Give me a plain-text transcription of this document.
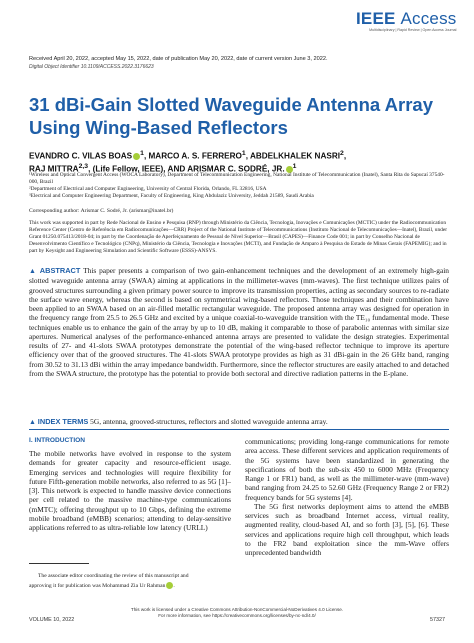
IEEE Access
Multidisciplinary | Rapid Review | Open Access Journal
Received April 20, 2022, accepted May 15, 2022, date of publication May 20, 2022, date of current version June 3, 2022.
Digital Object Identifier 10.1109/ACCESS.2022.3176623
31 dBi-Gain Slotted Waveguide Antenna Array
Using Wing-Based Reflectors
EVANDRO C. VILAS BOAS $^1$, MARCO A. S. FERRERO$^1$, ABDELKHALEK NASRI$^2$,
RAJ MITTRA$^{2,3}$, (Life Fellow, IEEE), AND ARISMAR C. SODRÉ, JR. $^1$
¹Wireless and Optical Convergent Access (WOCA Laboratory), Department of Telecommunication Engineering, National Institute of Telecommunication (Inatel), Santa Rita do Sapucaí 37540-000, Brazil
²Department of Electrical and Computer Engineering, University of Central Florida, Orlando, FL 32816, USA
³Electrical and Computer Engineering Department, Faculty of Engineering, King Abdulaziz University, Jeddah 21589, Saudi Arabia
Corresponding author: Arismar C. Sodré, Jr. (arismar@inatel.br)
This work was supported in part by Rede Nacional de Ensino e Pesquisa (RNP) through Ministério da Ciência, Tecnologia, Inovações e Comunicações (MCTIC) under the Radiocommunication Reference Center (Centro de Referência em Radiocomunicações—CRR) Project of the National Institute of Telecommunications (Instituto Nacional de Telecomunicações—Inatel), Brazil, under Grant 01250.075413/2018-04; in part by the Coordenação de Aperfeiçoamento de Pessoal de Nível Superior—Brasil (CAPES)—Finance Code 001; in part by Conselho Nacional de Desenvolvimento Científico e Tecnológico (CNPq), Ministério da Ciência, Tecnologia e Inovações (MCTI), and Fundação de Amparo à Pesquisa do Estado de Minas Gerais (FAPEMIG); and in part by Keysight and Engineering Simulation and Scientific Software (ESSS)-ANSYS.
▲ ABSTRACT This paper presents a comparison of two gain-enhancement techniques and the development of an extremely high-gain slotted waveguide antenna array (SWAA) aiming at applications in the millimeter-waves (mm-waves). The first technique utilizes pairs of grooved structures surrounding a given primary power source to improve its transmission properties, acting as secondary sources to re-radiate the surface wave energy, whereas the second is based on symmetrical wing-based reflectors. Those techniques and their combination have been applied to an SWAA based on an air-filled metallic rectangular waveguide. The proposed antenna array was designed for operation in the frequency range from 25.5 to 26.5 GHz and excited by a unique coaxial-to-waveguide transition with the TE₁₀ fundamental mode. These techniques enable us to enhance the gain of the array by up to 10 dB, making it comparable to those of parabolic antennas with similar size apertures. Numerical analyses of the performance-enhanced antenna arrays are presented to validate the design strategies. Experimental results of 27- and 41-slots SWAA prototypes demonstrate the potential of the wing-based reflector technique to improve its aperture efficiency over that of the grooved structures. The 41-slots SWAA prototype provides as high as 31 dBi-gain in the 26 GHz band, ranging from 30.52 to 31.13 dBi within the array impedance bandwidth. Furthermore, since the reflector structures are easily attached to and detached from the SWAA structure, the prototype has the potential to provide both sectoral and directive radiation patterns in the E-plane.
▲ INDEX TERMS 5G, antenna, grooved-structures, reflectors and slotted waveguide antenna array.
I. INTRODUCTION
The mobile networks have evolved in response to the system demands for greater capacity and resource-efficient usage. Emerging services and technologies will require flexibility for future Fifth-generation mobile networks, also referred to as 5G [1]–[3]. This network is expected to handle massive device connections per cell related to the massive machine-type communications (mMTC); offering throughput up to 10 Gbps, defining the extreme mobile broadband (eMBB) scenarios; attending to delay-sensitive applications referred to as ultra-reliable low latency (URLL)
communications; providing long-range communications for remote area access. These different services and application requirements of the 5G systems have been standardized in generating the specifications of both the sub-six 450 to 6000 MHz (Frequency Range 1 or FR1) band, as well as the millimeter-wave (mm-wave) band ranging from 24.25 to 52.60 GHz (Frequency Range 2 or FR2) frequency bands for 5G systems [4].
The 5G first networks deployment aims to attend the eMBB services such as broadband Internet access, virtual reality, augmented reality, cloud-based AI, and so forth [3], [5], [6]. These services and applications require high cell throughput, which leads to the FR2 band exploitation since the mm-Wave offers unprecedented bandwidth
The associate editor coordinating the review of this manuscript and
approving it for publication was Mohammad Zia Ur Rahman .
This work is licensed under a Creative Commons Attribution-NonCommercial-NoDerivatives 4.0 License.
For more information, see https://creativecommons.org/licenses/by-nc-nd/4.0/
VOLUME 10, 2022	57327
